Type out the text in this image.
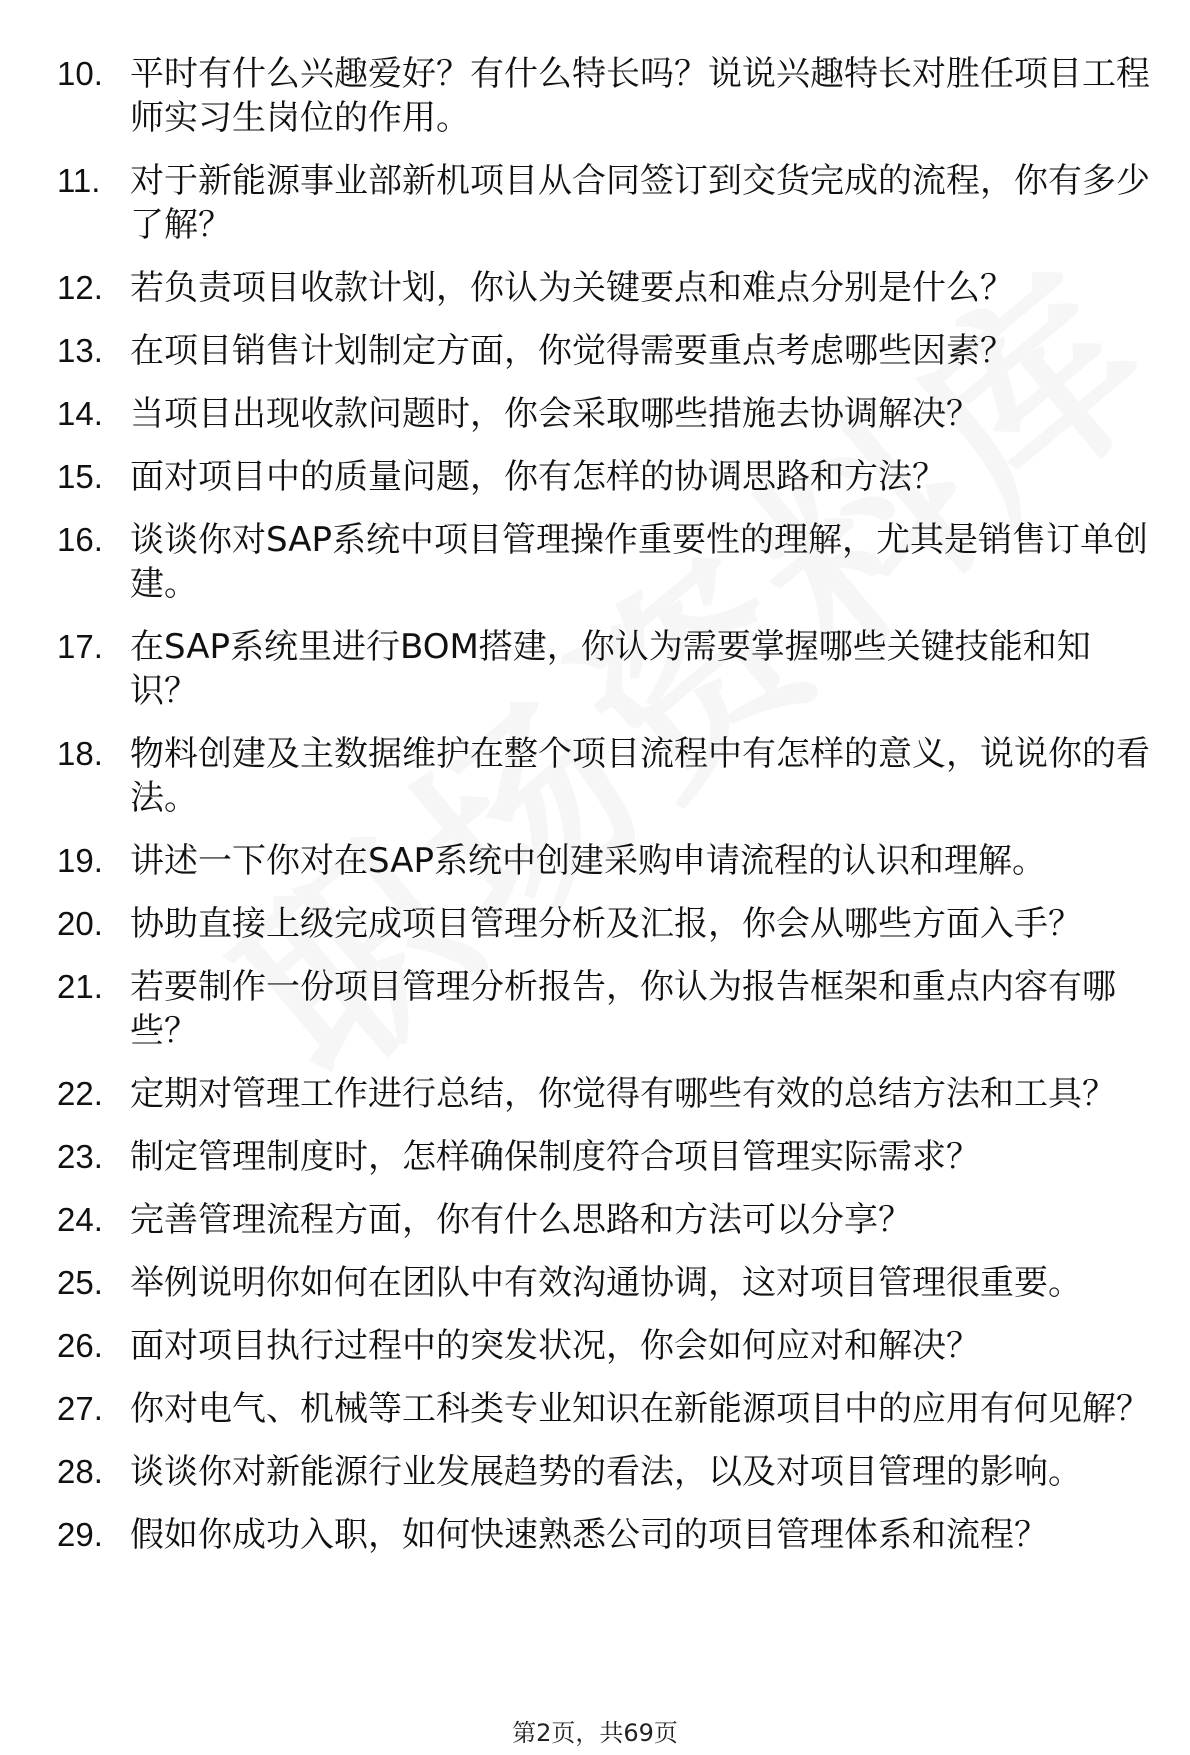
10. 平时有什么兴趣爱好？有什么特长吗？说说兴趣特长对胜任项目工程师实习生岗位的作用。
11. 对于新能源事业部新机项目从合同签订到交货完成的流程，你有多少了解？
12. 若负责项目收款计划，你认为关键要点和难点分别是什么？
13. 在项目销售计划制定方面，你觉得需要重点考虑哪些因素？
14. 当项目出现收款问题时，你会采取哪些措施去协调解决？
15. 面对项目中的质量问题，你有怎样的协调思路和方法？
16. 谈谈你对SAP系统中项目管理操作重要性的理解，尤其是销售订单创建。
17. 在SAP系统里进行BOM搭建，你认为需要掌握哪些关键技能和知识？
18. 物料创建及主数据维护在整个项目流程中有怎样的意义，说说你的看法。
19. 讲述一下你对在SAP系统中创建采购申请流程的认识和理解。
20. 协助直接上级完成项目管理分析及汇报，你会从哪些方面入手？
21. 若要制作一份项目管理分析报告，你认为报告框架和重点内容有哪些？
22. 定期对管理工作进行总结，你觉得有哪些有效的总结方法和工具？
23. 制定管理制度时，怎样确保制度符合项目管理实际需求？
24. 完善管理流程方面，你有什么思路和方法可以分享？
25. 举例说明你如何在团队中有效沟通协调，这对项目管理很重要。
26. 面对项目执行过程中的突发状况，你会如何应对和解决？
27. 你对电气、机械等工科类专业知识在新能源项目中的应用有何见解？
28. 谈谈你对新能源行业发展趋势的看法，以及对项目管理的影响。
29. 假如你成功入职，如何快速熟悉公司的项目管理体系和流程？
第2页，共69页
